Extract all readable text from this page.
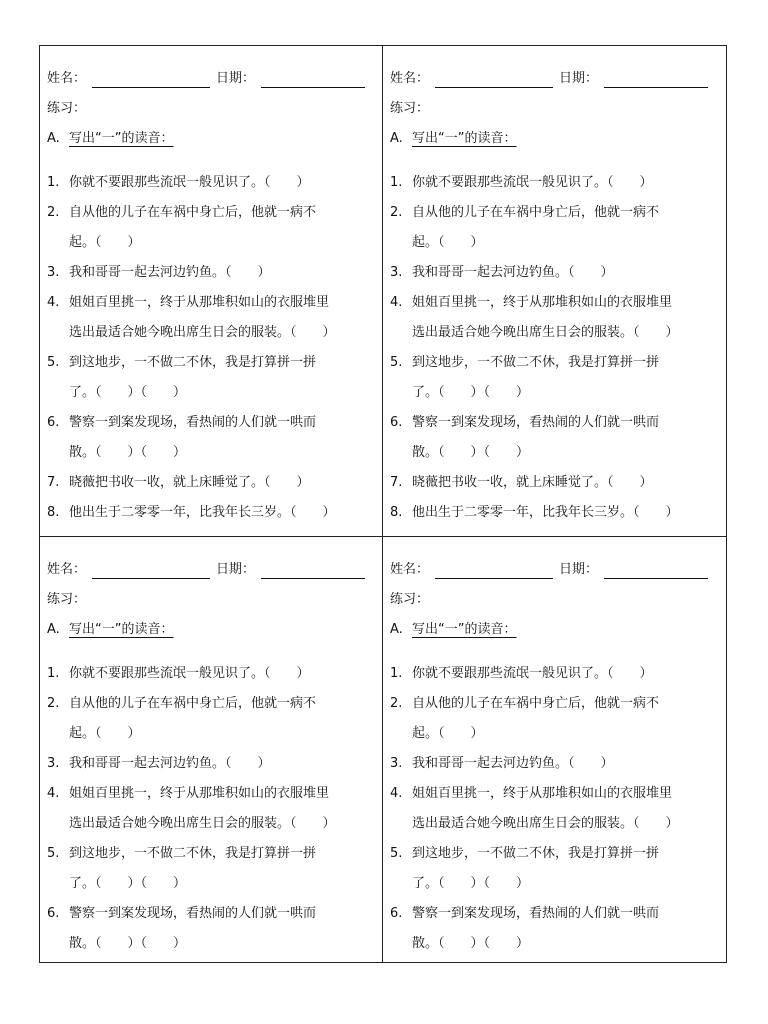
姓名：	日期：
练习：
A. 写出“一”的读音：
1. 你就不要跟那些流氓一般见识了。（　　）
2. 自从他的儿子在车祸中身亡后，他就一病不
起。（　　）
3. 我和哥哥一起去河边钓鱼。（　　）
4. 姐姐百里挑一，终于从那堆积如山的衣服堆里
选出最适合她今晚出席生日会的服装。（　　）
5. 到这地步，一不做二不休，我是打算拼一拼
了。（　　）（　　）
6. 警察一到案发现场，看热闹的人们就一哄而
散。（　　）（　　）
7. 晓薇把书收一收，就上床睡觉了。（　　）
8. 他出生于二零零一年，比我年长三岁。（　　）
姓名：	日期：
练习：
A. 写出“一”的读音：
1. 你就不要跟那些流氓一般见识了。（　　）
2. 自从他的儿子在车祸中身亡后，他就一病不
起。（　　）
3. 我和哥哥一起去河边钓鱼。（　　）
4. 姐姐百里挑一，终于从那堆积如山的衣服堆里
选出最适合她今晚出席生日会的服装。（　　）
5. 到这地步，一不做二不休，我是打算拼一拼
了。（　　）（　　）
6. 警察一到案发现场，看热闹的人们就一哄而
散。（　　）（　　）
7. 晓薇把书收一收，就上床睡觉了。（　　）
8. 他出生于二零零一年，比我年长三岁。（　　）
姓名：	日期：
练习：
A. 写出“一”的读音：
1. 你就不要跟那些流氓一般见识了。（　　）
2. 自从他的儿子在车祸中身亡后，他就一病不
起。（　　）
3. 我和哥哥一起去河边钓鱼。（　　）
4. 姐姐百里挑一，终于从那堆积如山的衣服堆里
选出最适合她今晚出席生日会的服装。（　　）
5. 到这地步，一不做二不休，我是打算拼一拼
了。（　　）（　　）
6. 警察一到案发现场，看热闹的人们就一哄而
散。（　　）（　　）
姓名：	日期：
练习：
A. 写出“一”的读音：
1. 你就不要跟那些流氓一般见识了。（　　）
2. 自从他的儿子在车祸中身亡后，他就一病不
起。（　　）
3. 我和哥哥一起去河边钓鱼。（　　）
4. 姐姐百里挑一，终于从那堆积如山的衣服堆里
选出最适合她今晚出席生日会的服装。（　　）
5. 到这地步，一不做二不休，我是打算拼一拼
了。（　　）（　　）
6. 警察一到案发现场，看热闹的人们就一哄而
散。（　　）（　　）
